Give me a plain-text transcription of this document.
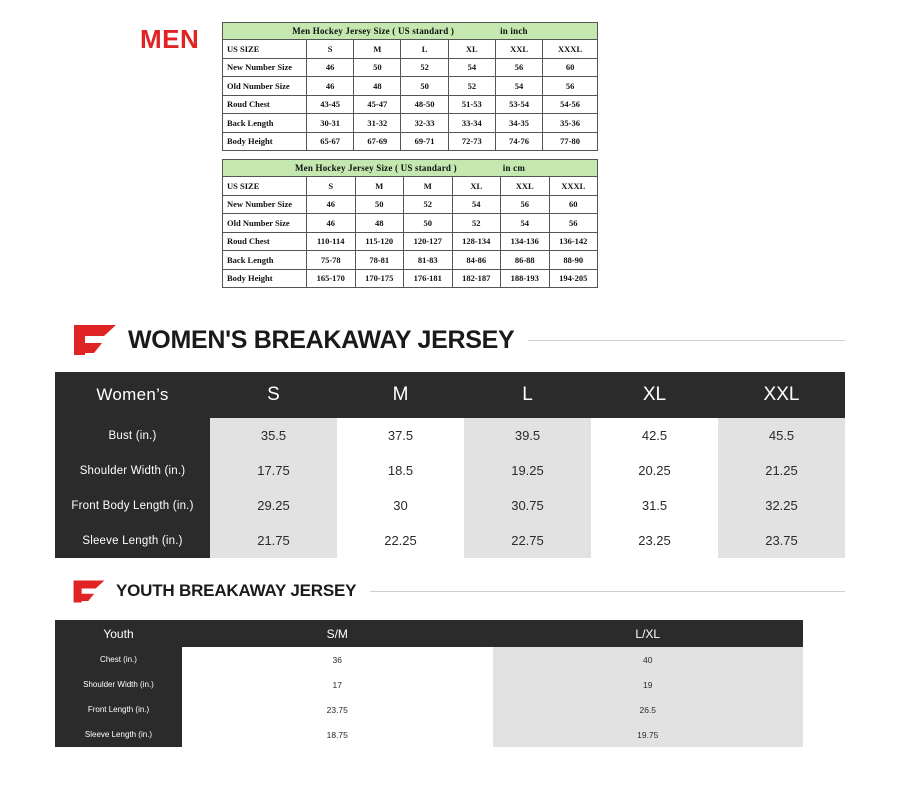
MEN	Men Hockey Jersey Size ( US standard ) in inch						

US SIZE	S	M	L	XL	XXL	XXXL
New Number Size	46	50	52	54	56	60
Old Number Size	46	48	50	52	54	56
Roud Chest	43-45	45-47	48-50	51-53	53-54	54-56
Back Length	30-31	31-32	32-33	33-34	34-35	35-36
Body Height	65-67	67-69	69-71	72-73	74-76	77-80
Men Hockey Jersey Size ( US standard ) in cm						

US SIZE	S	M	M	XL	XXL	XXXL
New Number Size	46	50	52	54	56	60
Old Number Size	46	48	50	52	54	56
Roud Chest	110-114	115-120	120-127	128-134	134-136	136-142
Back Length	75-78	78-81	81-83	84-86	86-88	88-90
Body Height	165-170	170-175	176-181	182-187	188-193	194-205
WOMEN'S BREAKAWAY JERSEY
Women’s	S	M	L	XL	XXL
Bust (in.)	35.5	37.5	39.5	42.5	45.5
Shoulder Width (in.)	17.75	18.5	19.25	20.25	21.25
Front Body Length (in.)	29.25	30	30.75	31.5	32.25
Sleeve Length (in.)	21.75	22.25	22.75	23.25	23.75
YOUTH BREAKAWAY JERSEY
Youth	S/M	L/XL
Chest (in.)	36	40
Shoulder Width (in.)	17	19
Front Length (in.)	23.75	26.5
Sleeve Length (in.)	18.75	19.75
